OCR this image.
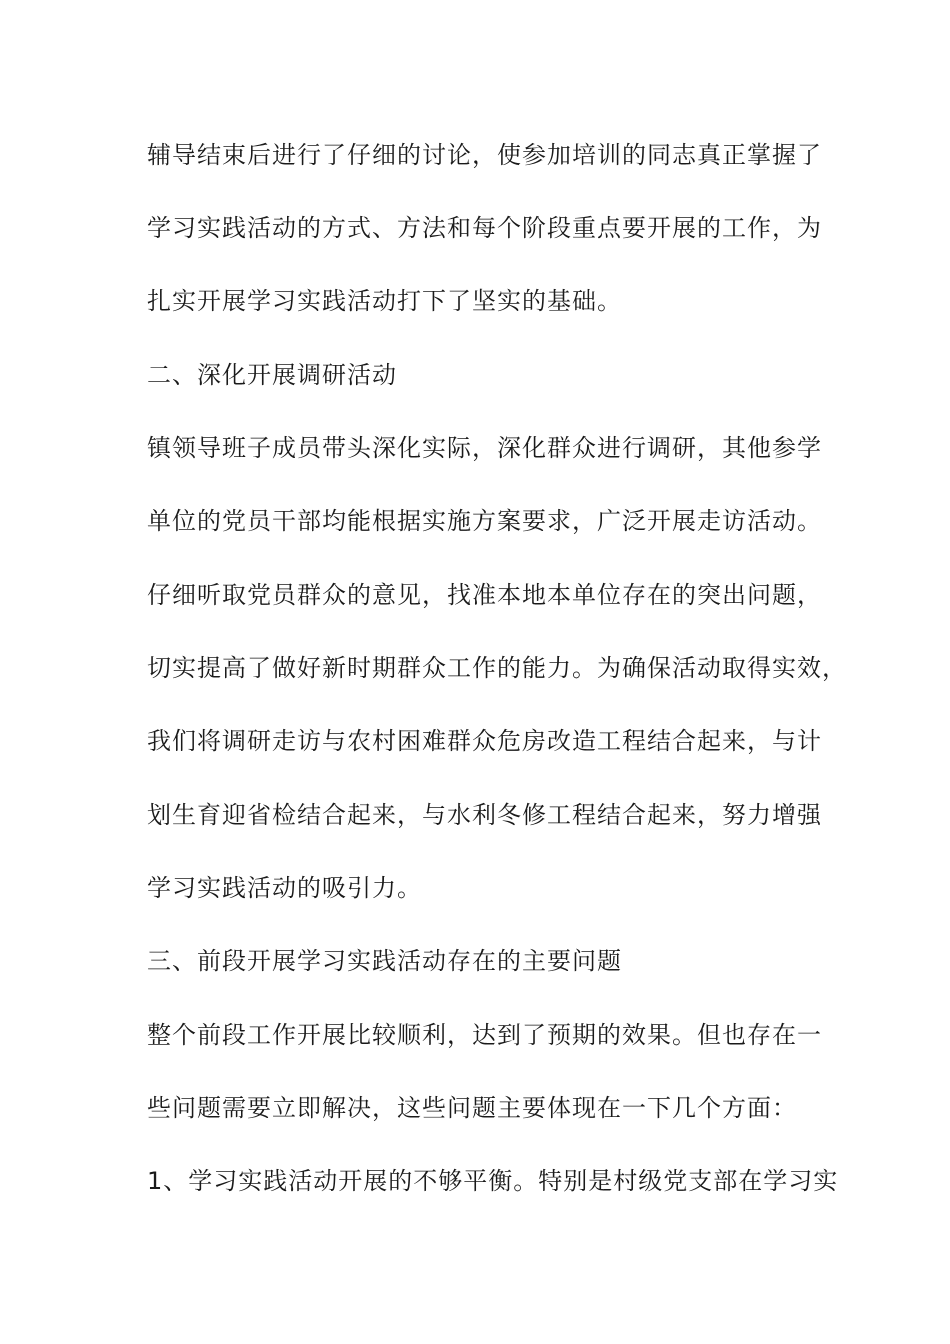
辅导结束后进行了仔细的讨论，使参加培训的同志真正掌握了
学习实践活动的方式、方法和每个阶段重点要开展的工作，为
扎实开展学习实践活动打下了坚实的基础。
二、深化开展调研活动
镇领导班子成员带头深化实际，深化群众进行调研，其他参学
单位的党员干部均能根据实施方案要求，广泛开展走访活动。
仔细听取党员群众的意见，找准本地本单位存在的突出问题，
切实提高了做好新时期群众工作的能力。为确保活动取得实效，
我们将调研走访与农村困难群众危房改造工程结合起来，与计
划生育迎省检结合起来，与水利冬修工程结合起来，努力增强
学习实践活动的吸引力。
三、前段开展学习实践活动存在的主要问题
整个前段工作开展比较顺利，达到了预期的效果。但也存在一
些问题需要立即解决，这些问题主要体现在一下几个方面：
1、学习实践活动开展的不够平衡。特别是村级党支部在学习实
